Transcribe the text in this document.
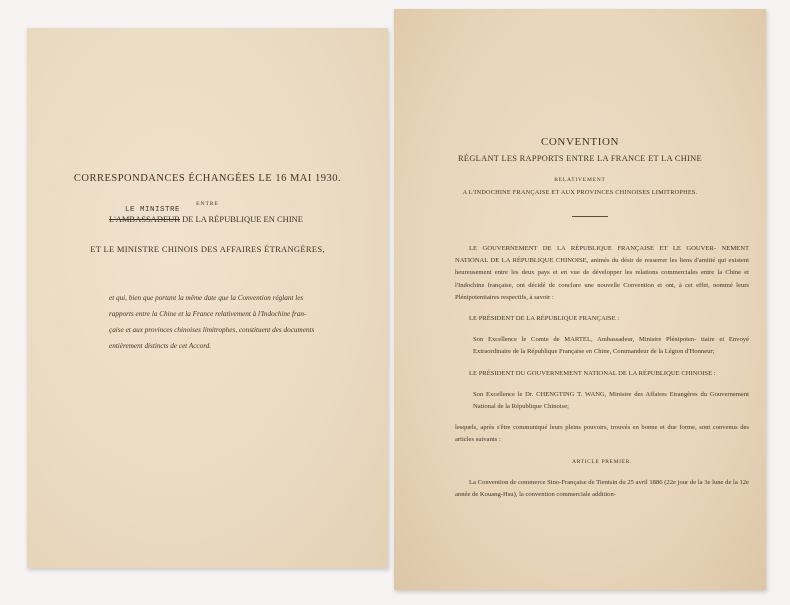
CORRESPONDANCES ÉCHANGÉES LE 16 MAI 1930.
ENTRE
LE MINISTRE
L'AMBASSADEUR DE LA RÉPUBLIQUE EN CHINE
ET LE MINISTRE CHINOIS DES AFFAIRES ÉTRANGÈRES,

et qui, bien que portant la même date que la Convention réglant les

rapports entre la Chine et la France relativement à l'Indochine fran-

çaise et aux provinces chinoises limitrophes, constituent des documents

entièrement distincts de cet Accord.

CONVENTION
RÉGLANT LES RAPPORTS ENTRE LA FRANCE ET LA CHINE
RELATIVEMENT
A L'INDOCHINE FRANÇAISE ET AUX PROVINCES CHINOISES LIMITROPHES.

LE GOUVERNEMENT DE LA RÉPUBLIQUE FRANÇAISE ET LE GOUVER- NEMENT NATIONAL DE LA RÉPUBLIQUE CHINOISE, animés du désir de resserrer les liens d'amitié qui existent heureusement entre les deux pays et en vue de développer les relations commerciales entre la Chine et l'Indochine française, ont décidé de conclure une nouvelle Convention et ont, à cet effet, nommé leurs Plénipotentiaires respectifs, à savoir :

LE PRÉSIDENT DE LA RÉPUBLIQUE FRANÇAISE :

Son Excellence le Comte de MARTEL, Ambassadeur, Ministre Plénipoten- tiaire et Envoyé Extraordinaire de la République Française en Chine, Commandeur de la Légion d'Honneur;

LE PRÉSIDENT DU GOUVERNEMENT NATIONAL DE LA RÉPUBLIQUE CHINOISE :

Son Excellence le Dr. CHENGTING T. WANG, Ministre des Affaires Etrangères du Gouvernement National de la République Chinoise;

lesquels, après s'être communiqué leurs pleins pouvoirs, trouvés en bonne et due forme, sont convenus des articles suivants :

ARTICLE PREMIER.

La Convention de commerce Sino-Française de Tientsin du 25 avril 1886 (22e jour de la 3e lune de la 12e année de Kouang-Hsu), la convention commerciale addition-
